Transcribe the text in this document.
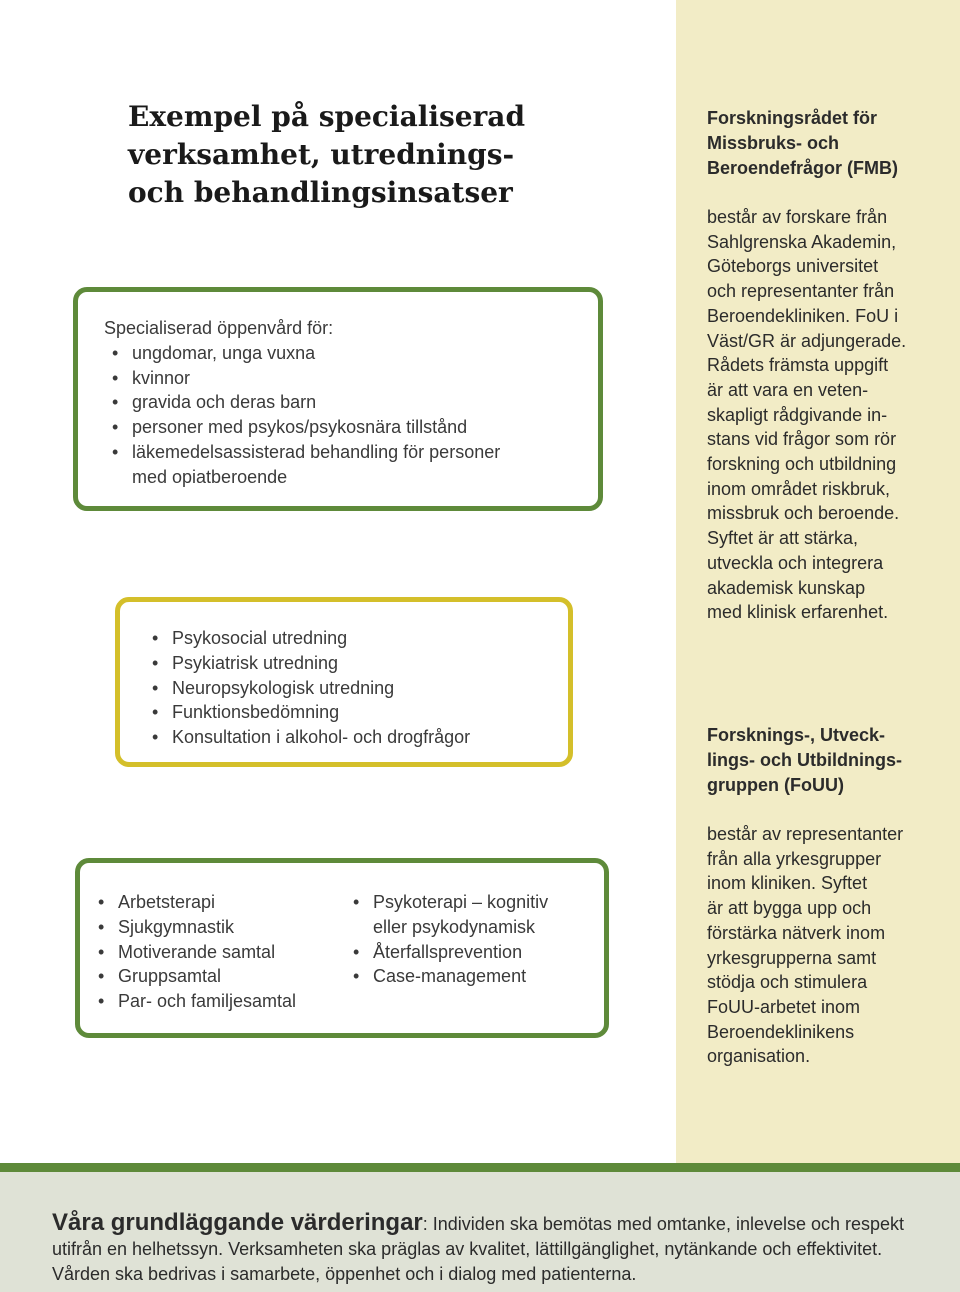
Forskningsrådet för
Missbruks- och
Beroendefrågor (FMB)
består av forskare från
Sahlgrenska Akademin,
Göteborgs universitet
och representanter från
Beroendekliniken. FoU i
Väst/GR är adjungerade.
Rådets främsta uppgift
är att vara en veten-
skapligt rådgivande in-
stans vid frågor som rör
forskning och utbildning
inom området riskbruk,
missbruk och beroende.
Syftet är att stärka,
utveckla och integrera
akademisk kunskap
med klinisk erfarenhet.
Forsknings-, Utveck-
lings- och Utbildnings-
gruppen (FoUU)
består av representanter
från alla yrkesgrupper
inom kliniken. Syftet
är att bygga upp och
förstärka nätverk inom
yrkesgrupperna samt
stödja och stimulera
FoUU-arbetet inom
Beroendeklinikens
organisation.
Exempel på specialiserad
verksamhet, utrednings-
och behandlingsinsatser
Specialiserad öppenvård för:
• ungdomar, unga vuxna
• kvinnor
• gravida och deras barn
• personer med psykos/psykosnära tillstånd
• läkemedelsassisterad behandling för personer
med opiatberoende
• Psykosocial utredning
• Psykiatrisk utredning
• Neuropsykologisk utredning
• Funktionsbedömning
• Konsultation i alkohol- och drogfrågor
• Arbetsterapi
• Sjukgymnastik
• Motiverande samtal
• Gruppsamtal
• Par- och familjesamtal
• Psykoterapi – kognitiv
eller psykodynamisk
• Återfallsprevention
• Case-management
Våra grundläggande värderingar: Individen ska bemötas med omtanke, inlevelse och respekt utifrån en helhetssyn. Verksamheten ska präglas av kvalitet, lättillgänglighet, nytänkande och effektivitet. Vården ska bedrivas i samarbete, öppenhet och i dialog med patienterna.
